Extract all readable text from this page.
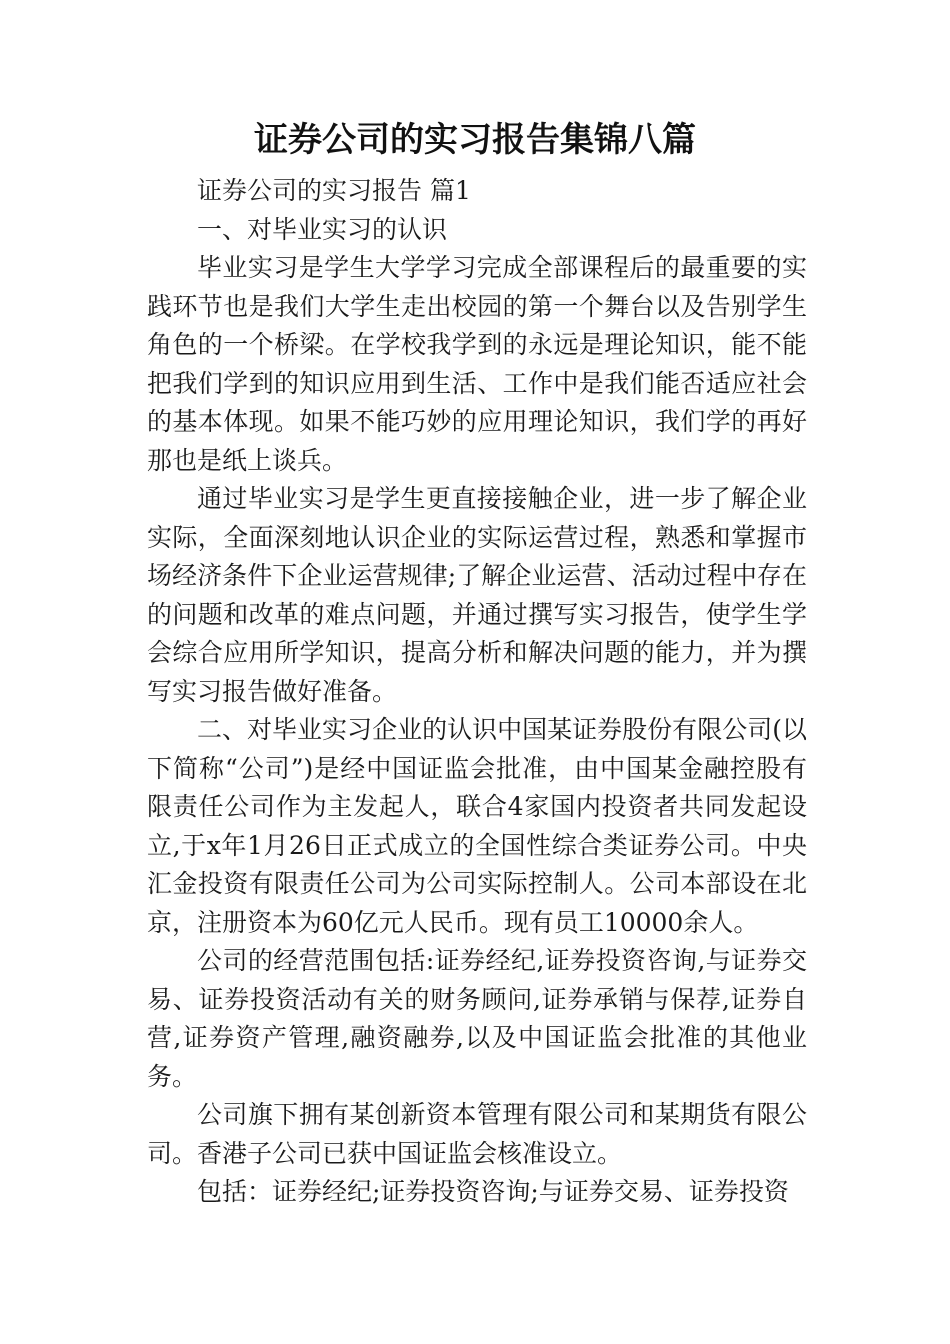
证券公司的实习报告集锦八篇

证券公司的实习报告 篇1

一、对毕业实习的认识

毕业实习是学生大学学习完成全部课程后的最重要的实践环节也是我们大学生走出校园的第一个舞台以及告别学生角色的一个桥梁。在学校我学到的永远是理论知识，能不能把我们学到的知识应用到生活、工作中是我们能否适应社会的基本体现。如果不能巧妙的应用理论知识，我们学的再好那也是纸上谈兵。

通过毕业实习是学生更直接接触企业，进一步了解企业实际，全面深刻地认识企业的实际运营过程，熟悉和掌握市场经济条件下企业运营规律;了解企业运营、活动过程中存在的问题和改革的难点问题，并通过撰写实习报告，使学生学会综合应用所学知识，提高分析和解决问题的能力，并为撰写实习报告做好准备。

二、对毕业实习企业的认识中国某证券股份有限公司(以下简称“公司”)是经中国证监会批准，由中国某金融控股有限责任公司作为主发起人，联合4家国内投资者共同发起设立,于x年1月26日正式成立的全国性综合类证券公司。中央汇金投资有限责任公司为公司实际控制人。公司本部设在北京，注册资本为60亿元人民币。现有员工10000余人。

公司的经营范围包括:证券经纪,证券投资咨询,与证券交易、证券投资活动有关的财务顾问,证券承销与保荐,证券自营,证券资产管理,融资融券,以及中国证监会批准的其他业务。

公司旗下拥有某创新资本管理有限公司和某期货有限公司。香港子公司已获中国证监会核准设立。

包括：证券经纪;证券投资咨询;与证券交易、证券投资
